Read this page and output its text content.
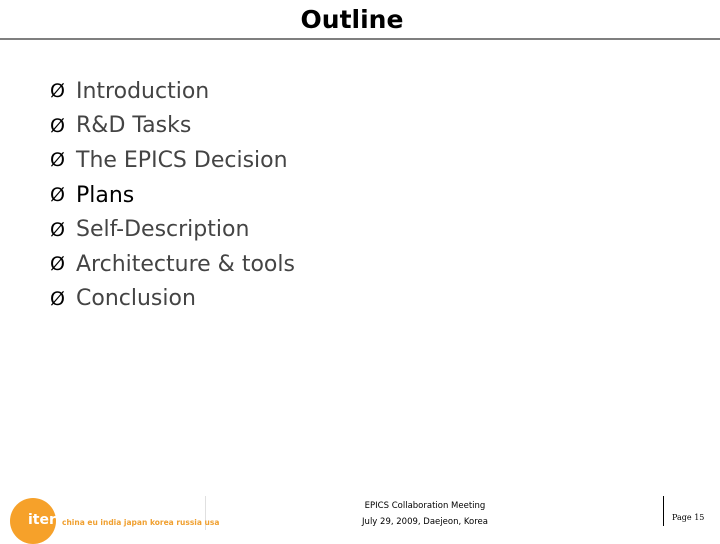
Outline
Ø Introduction
Ø R&D Tasks
Ø The EPICS Decision
Ø Plans
Ø Self-Description
Ø Architecture & tools
Ø Conclusion
iter china eu india japan korea russia usa
EPICS Collaboration Meeting
July 29, 2009, Daejeon, Korea	Page 15
